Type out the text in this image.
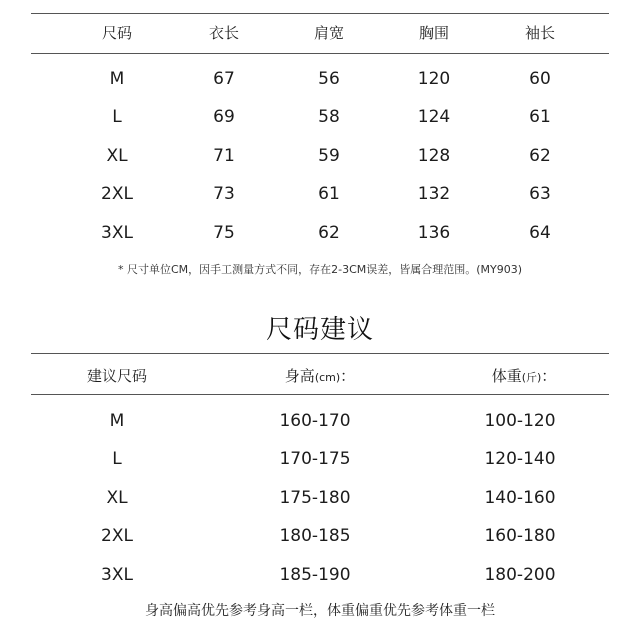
尺码	衣长	肩宽	胸围	袖长
M	67	56	120	60
L	69	58	124	61
XL	71	59	128	62
2XL	73	61	132	63
3XL	75	62	136	64
* 尺寸单位CM，因手工测量方式不同，存在2-3CM误差，皆属合理范围。(MY903)
尺码建议
建议尺码	身高(cm)：	体重(斤)：
M	160-170	100-120
L	170-175	120-140
XL	175-180	140-160
2XL	180-185	160-180
3XL	185-190	180-200
身高偏高优先参考身高一栏，体重偏重优先参考体重一栏
